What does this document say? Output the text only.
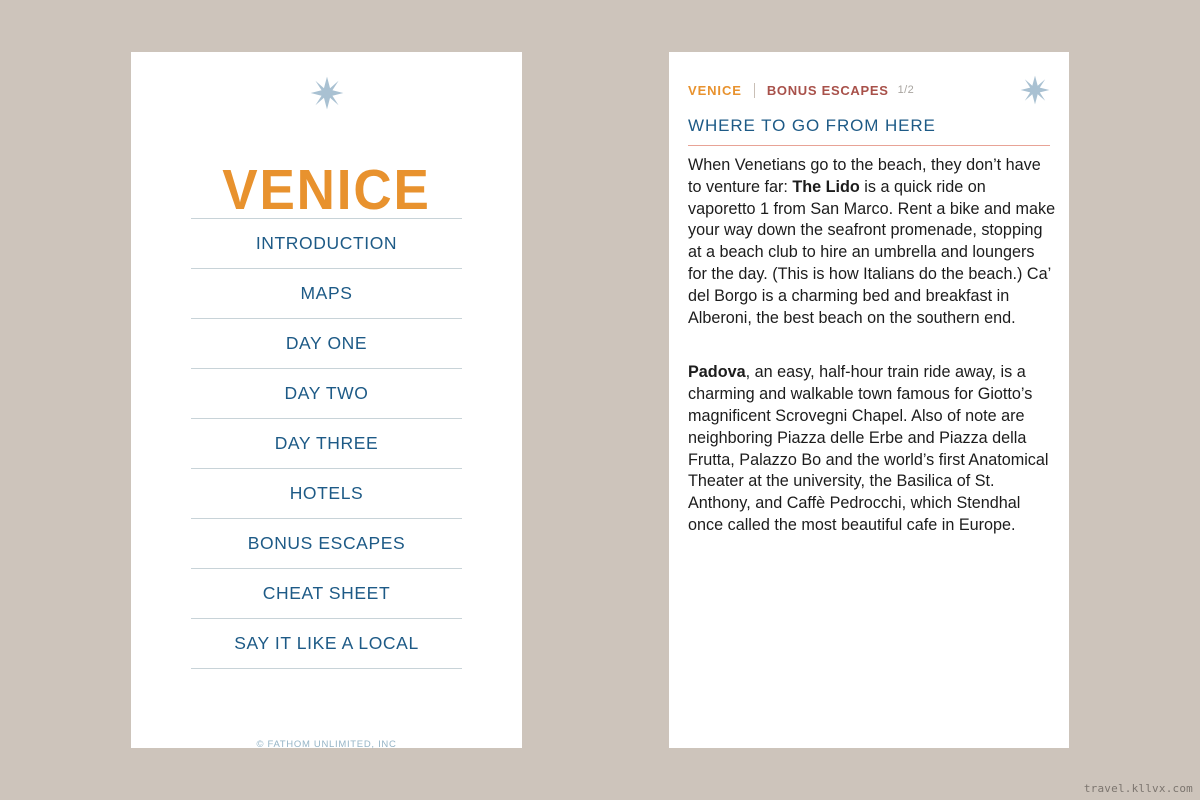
VENICE
INTRODUCTION
MAPS
DAY ONE
DAY TWO
DAY THREE
HOTELS
BONUS ESCAPES
CHEAT SHEET
SAY IT LIKE A LOCAL
© FATHOM UNLIMITED, INC
VENICE BONUS ESCAPES 1/2
WHERE TO GO FROM HERE

When Venetians go to the beach, they don’t have to venture far: The Lido is a quick ride on vaporetto 1 from San Marco. Rent a bike and make your way down the seafront promenade, stopping at a beach club to hire an umbrella and loungers for the day. (This is how Italians do the beach.) Ca’ del Borgo is a charming bed and breakfast in Alberoni, the best beach on the southern end.

Padova, an easy, half-hour train ride away, is a charming and walkable town famous for Giotto’s magnificent Scrovegni Chapel. Also of note are neighboring Piazza delle Erbe and Piazza della Frutta, Palazzo Bo and the world’s first Anatomical Theater at the university, the Basilica of St. Anthony, and Caffè Pedrocchi, which Stendhal once called the most beautiful cafe in Europe.

travel.kllvx.com
